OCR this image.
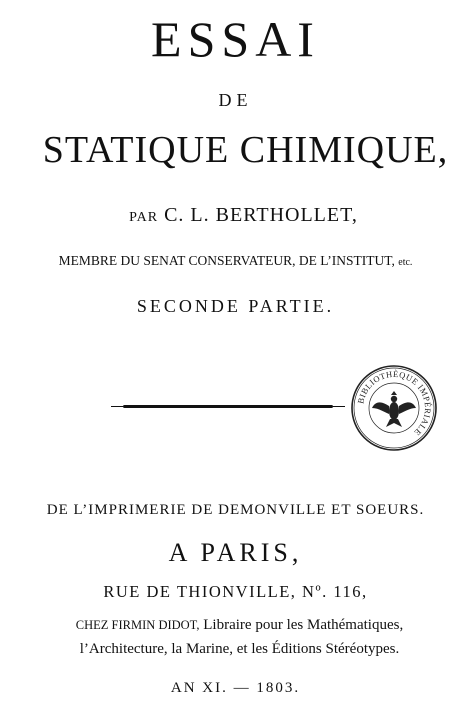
ESSAI
DE
STATIQUE CHIMIQUE,
PAR C. L. BERTHOLLET,
MEMBRE DU SENAT CONSERVATEUR, DE L’INSTITUT, etc.
SECONDE PARTIE.
BIBLIOTHÈQUE IMPÉRIALE
DE L’IMPRIMERIE DE DEMONVILLE ET SOEURS.
A PARIS,
RUE DE THIONVILLE, Nº. 116,
CHEZ FIRMIN DIDOT, Libraire pour les Mathématiques,
l’Architecture, la Marine, et les Éditions Stéréotypes.
AN XI. — 1803.
